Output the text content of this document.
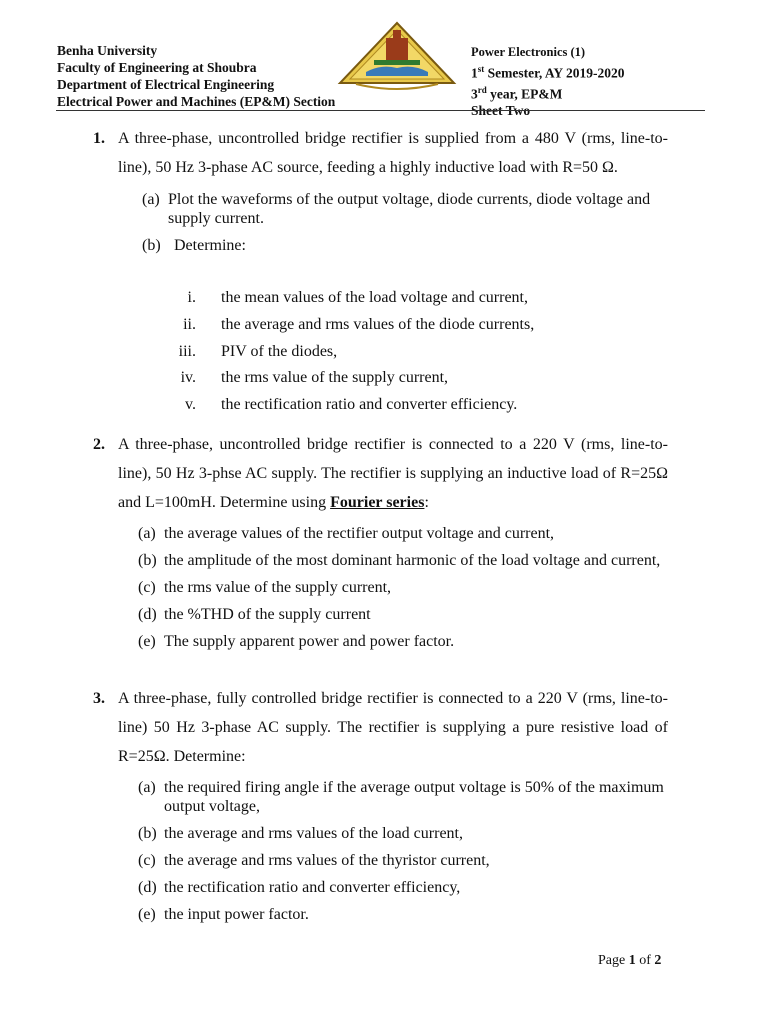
Benha University
Faculty of Engineering at Shoubra
Department of Electrical Engineering
Electrical Power and Machines (EP&M) Section
Power Electronics (1)
1st Semester, AY 2019-2020
3rd year, EP&M
Sheet Two
1. A three-phase, uncontrolled bridge rectifier is supplied from a 480 V (rms, line-to-line), 50 Hz 3-phase AC source, feeding a highly inductive load with R=50 Ω.
(a) Plot the waveforms of the output voltage, diode currents, diode voltage and supply current.
(b) Determine:
i. the mean values of the load voltage and current,
ii. the average and rms values of the diode currents,
iii. PIV of the diodes,
iv. the rms value of the supply current,
v. the rectification ratio and converter efficiency.
2. A three-phase, uncontrolled bridge rectifier is connected to a 220 V (rms, line-to-line), 50 Hz 3-phse AC supply. The rectifier is supplying an inductive load of R=25Ω and L=100mH. Determine using Fourier series:
(a) the average values of the rectifier output voltage and current,
(b) the amplitude of the most dominant harmonic of the load voltage and current,
(c) the rms value of the supply current,
(d) the %THD of the supply current
(e) The supply apparent power and power factor.
3. A three-phase, fully controlled bridge rectifier is connected to a 220 V (rms, line-to-line) 50 Hz 3-phase AC supply. The rectifier is supplying a pure resistive load of R=25Ω. Determine:
(a) the required firing angle if the average output voltage is 50% of the maximum output voltage,
(b) the average and rms values of the load current,
(c) the average and rms values of the thyristor current,
(d) the rectification ratio and converter efficiency,
(e) the input power factor.
Page 1 of 2
